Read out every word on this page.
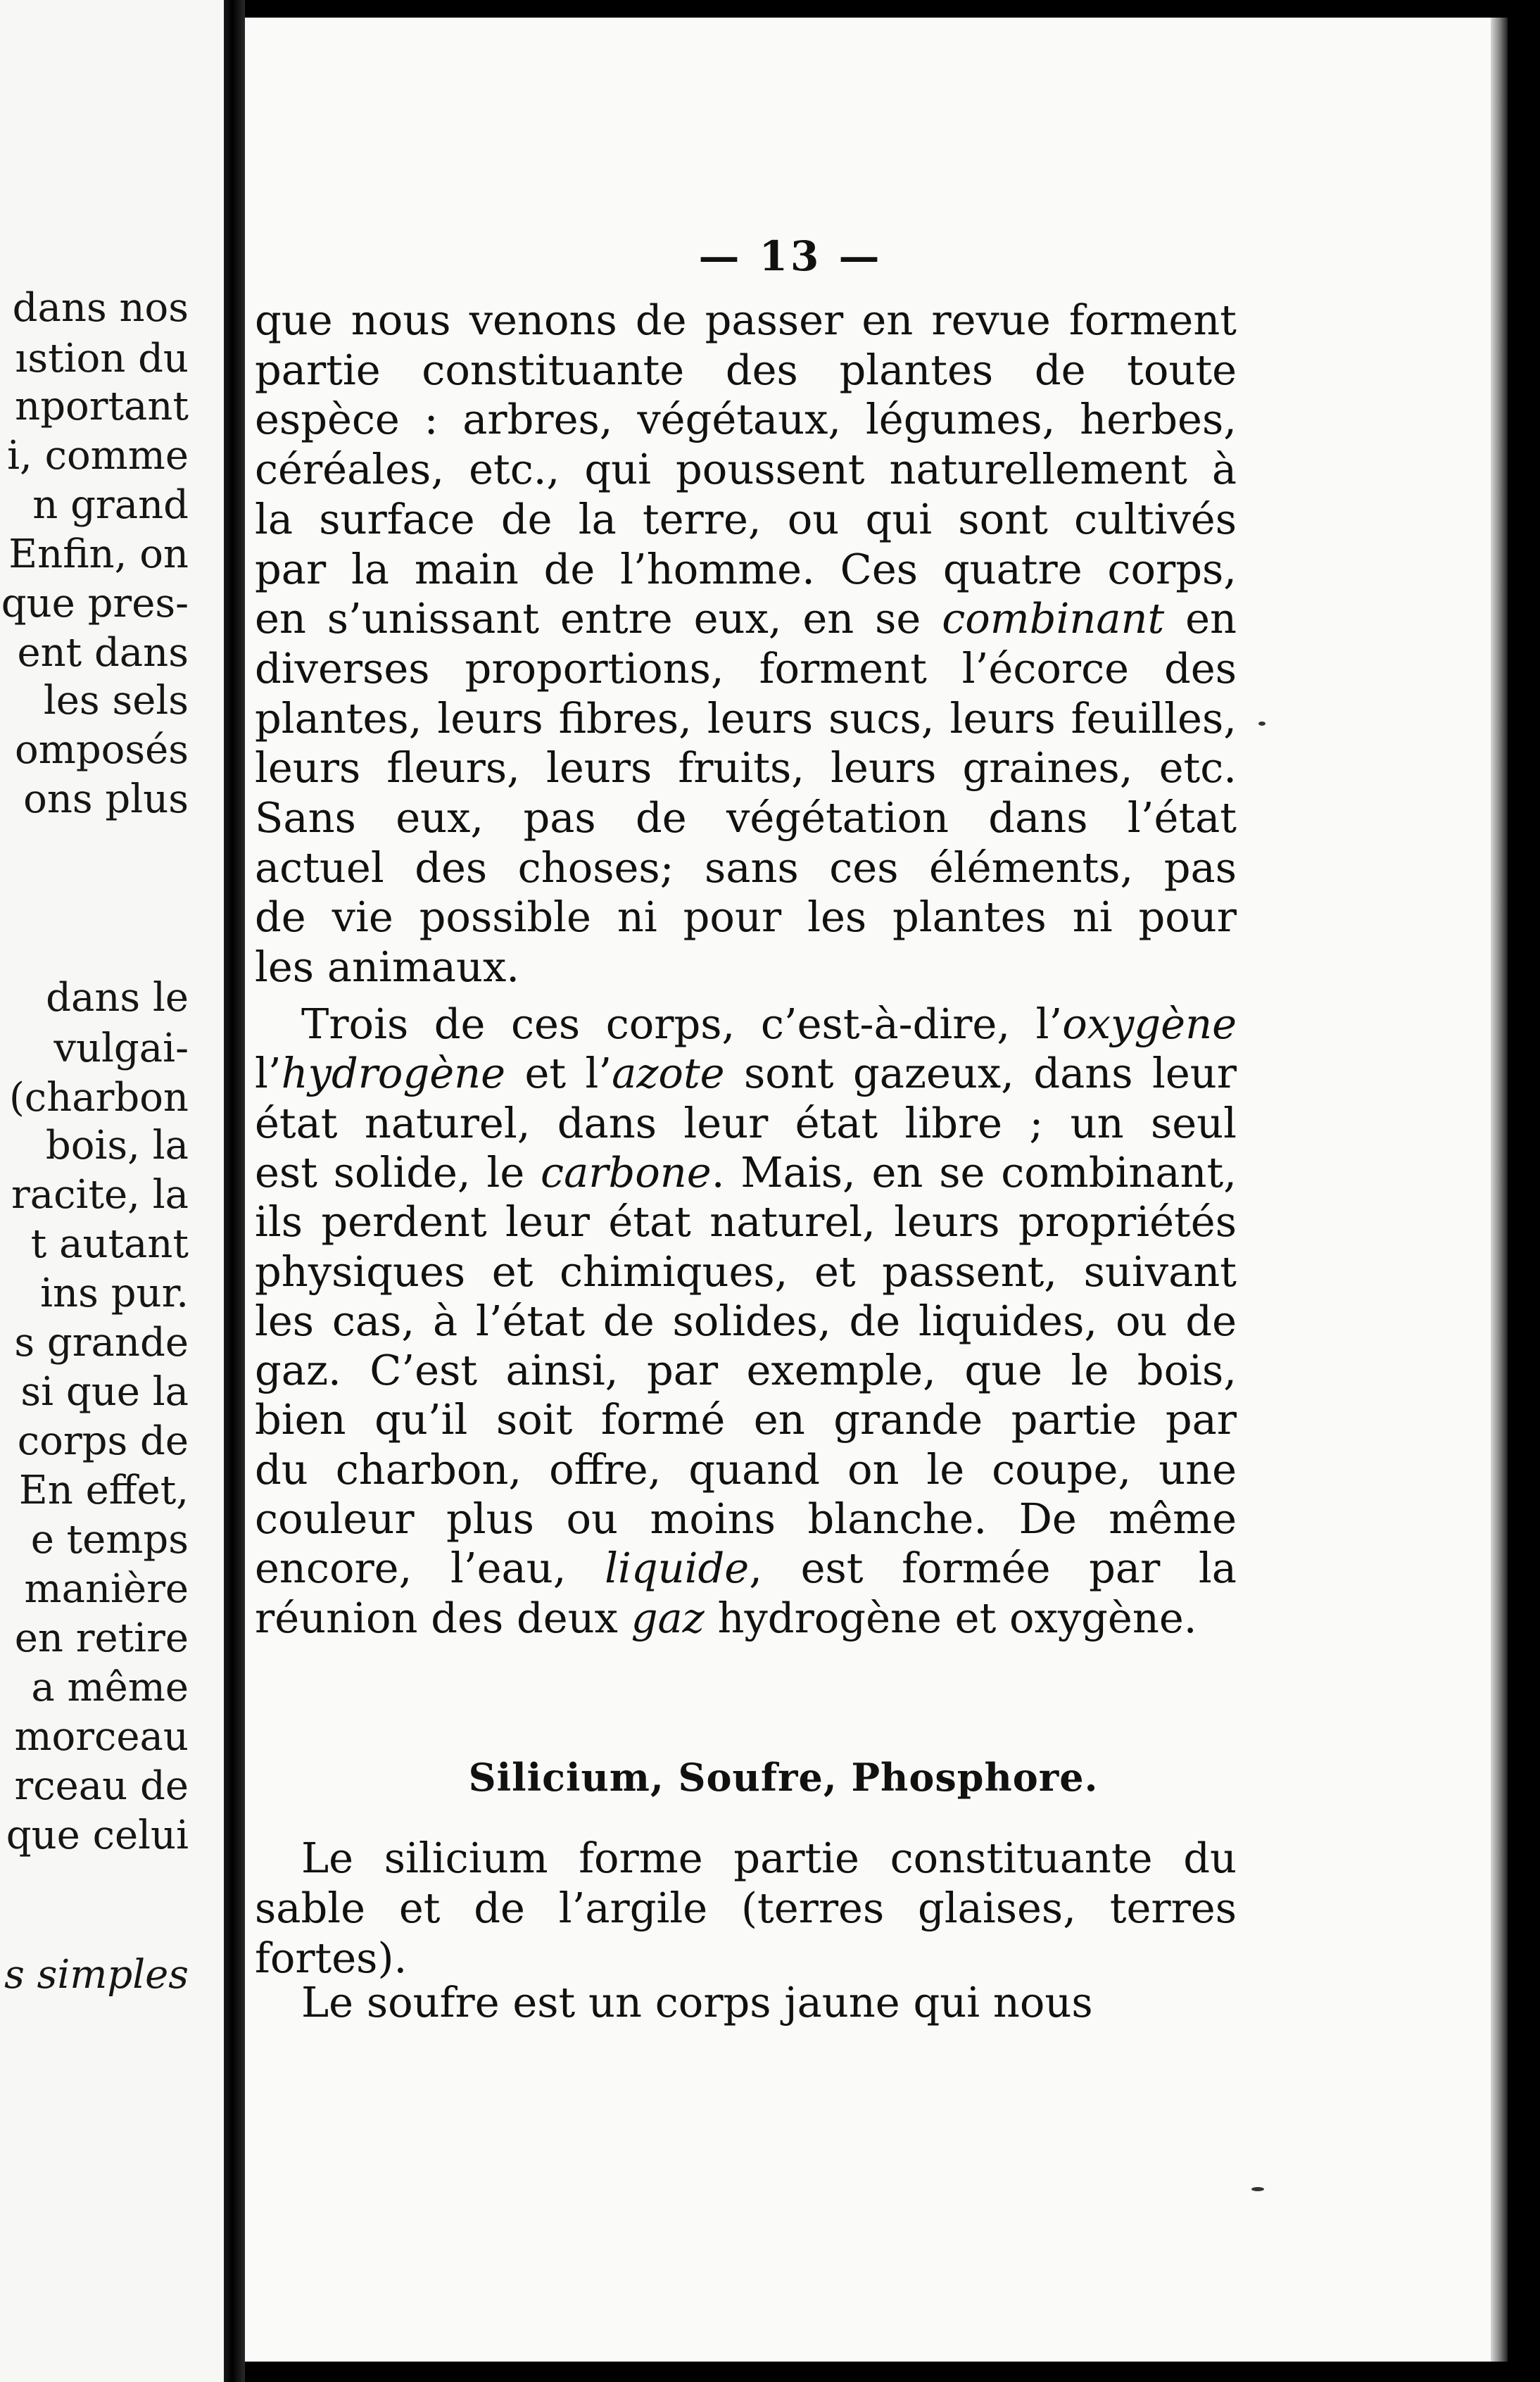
dans nos
ıstion du
nportant
i, comme
n grand
Enfin, on
que pres-
ent dans
les sels
omposés
ons plus
dans le
vulgai-
(charbon
bois, la
racite, la
t autant
ins pur.
s grande
si que la
corps de
En effet,
e temps
manière
en retire
a même
morceau
rceau de
que celui
s simples
— 13 —
que nous venons de passer en revue forment
partie constituante des plantes de toute
espèce : arbres, végétaux, légumes, herbes,
céréales, etc., qui poussent naturellement à
la surface de la terre, ou qui sont cultivés
par la main de l’homme. Ces quatre corps,
en s’unissant entre eux, en se combinant en
diverses proportions, forment l’écorce des
plantes, leurs fibres, leurs sucs, leurs feuilles,
leurs fleurs, leurs fruits, leurs graines, etc.
Sans eux, pas de végétation dans l’état
actuel des choses; sans ces éléments, pas
de vie possible ni pour les plantes ni pour
les animaux.
Trois de ces corps, c’est-à-dire, l’oxygène
l’hydrogène et l’azote sont gazeux, dans leur
état naturel, dans leur état libre ; un seul
est solide, le carbone. Mais, en se combinant,
ils perdent leur état naturel, leurs propriétés
physiques et chimiques, et passent, suivant
les cas, à l’état de solides, de liquides, ou de
gaz. C’est ainsi, par exemple, que le bois,
bien qu’il soit formé en grande partie par
du charbon, offre, quand on le coupe, une
couleur plus ou moins blanche. De même
encore, l’eau, liquide, est formée par la
réunion des deux gaz hydrogène et oxygène.
Silicium, Soufre, Phosphore.
Le silicium forme partie constituante du
sable et de l’argile (terres glaises, terres
fortes).
Le soufre est un corps jaune qui nous
